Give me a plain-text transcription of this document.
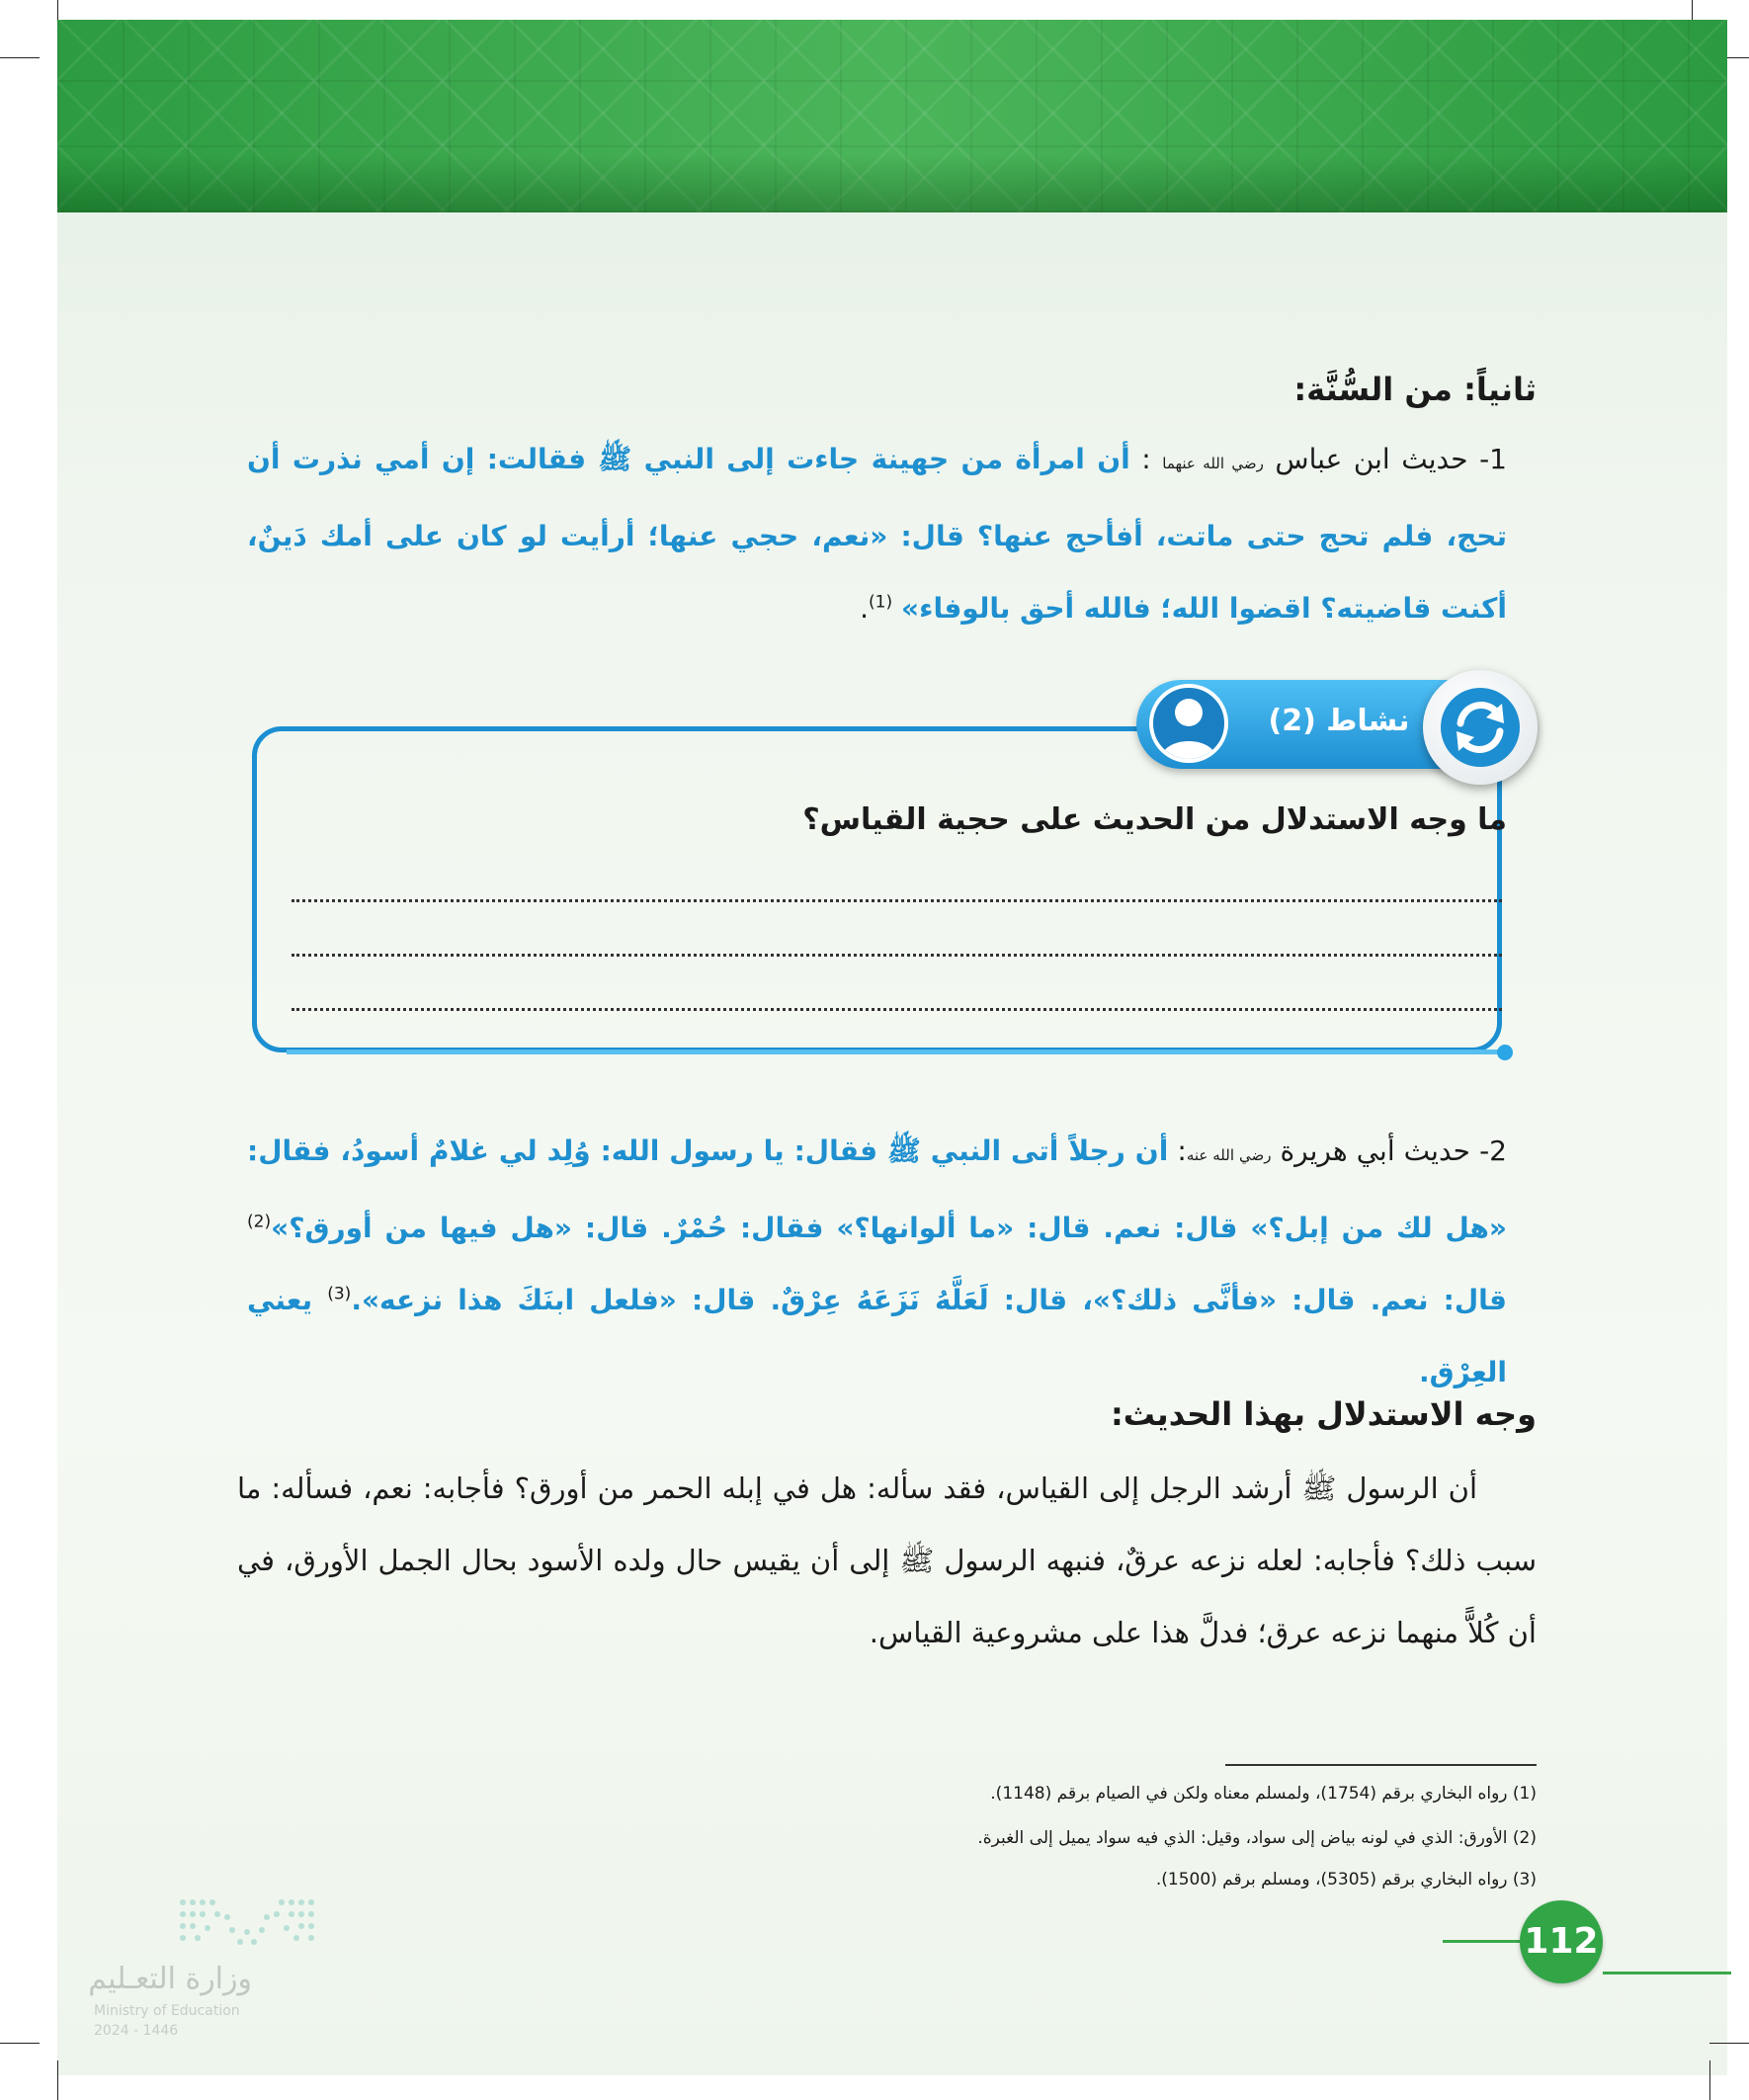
ثانياً: من السُّنَّة:
1- حديث ابن عباس رضي الله عنهما : أن امرأة من جهينة جاءت إلى النبي ﷺ فقالت: إن أمي نذرت أن تحج، فلم تحج حتى ماتت، أفأحج عنها؟ قال: «نعم، حجي عنها؛ أرأيت لو كان على أمك دَينٌ، أكنت قاضيته؟ اقضوا الله؛ فالله أحق بالوفاء» $^{(1)}$.
نشاط (2)
ما وجه الاستدلال من الحديث على حجية القياس؟
2- حديث أبي هريرة رضي الله عنه: أن رجلاً أتى النبي ﷺ فقال: يا رسول الله: وُلِد لي غلامٌ أسودُ، فقال: «هل لك من إبل؟» قال: نعم. قال: «ما ألوانها؟» فقال: حُمْرٌ. قال: «هل فيها من أورق؟»$^{(2)}$ قال: نعم. قال: «فأنَّى ذلك؟»، قال: لَعَلَّهُ نَزَعَهُ عِرْقٌ. قال: «فلعل ابنَكَ هذا نزعه».$^{(3)}$ يعني العِرْق.
وجه الاستدلال بهذا الحديث:
أن الرسول ﷺ أرشد الرجل إلى القياس، فقد سأله: هل في إبله الحمر من أورق؟ فأجابه: نعم، فسأله: ما سبب ذلك؟ فأجابه: لعله نزعه عرقٌ، فنبهه الرسول ﷺ إلى أن يقيس حال ولده الأسود بحال الجمل الأورق، في أن كُلاًّ منهما نزعه عرق؛ فدلَّ هذا على مشروعية القياس.
(1) رواه البخاري برقم (1754)، ولمسلم معناه ولكن في الصيام برقم (1148).
(2) الأورق: الذي في لونه بياض إلى سواد، وقيل: الذي فيه سواد يميل إلى الغبرة.
(3) رواه البخاري برقم (5305)، ومسلم برقم (1500).
112
وزارة التعـليم
Ministry of Education
2024 - 1446
